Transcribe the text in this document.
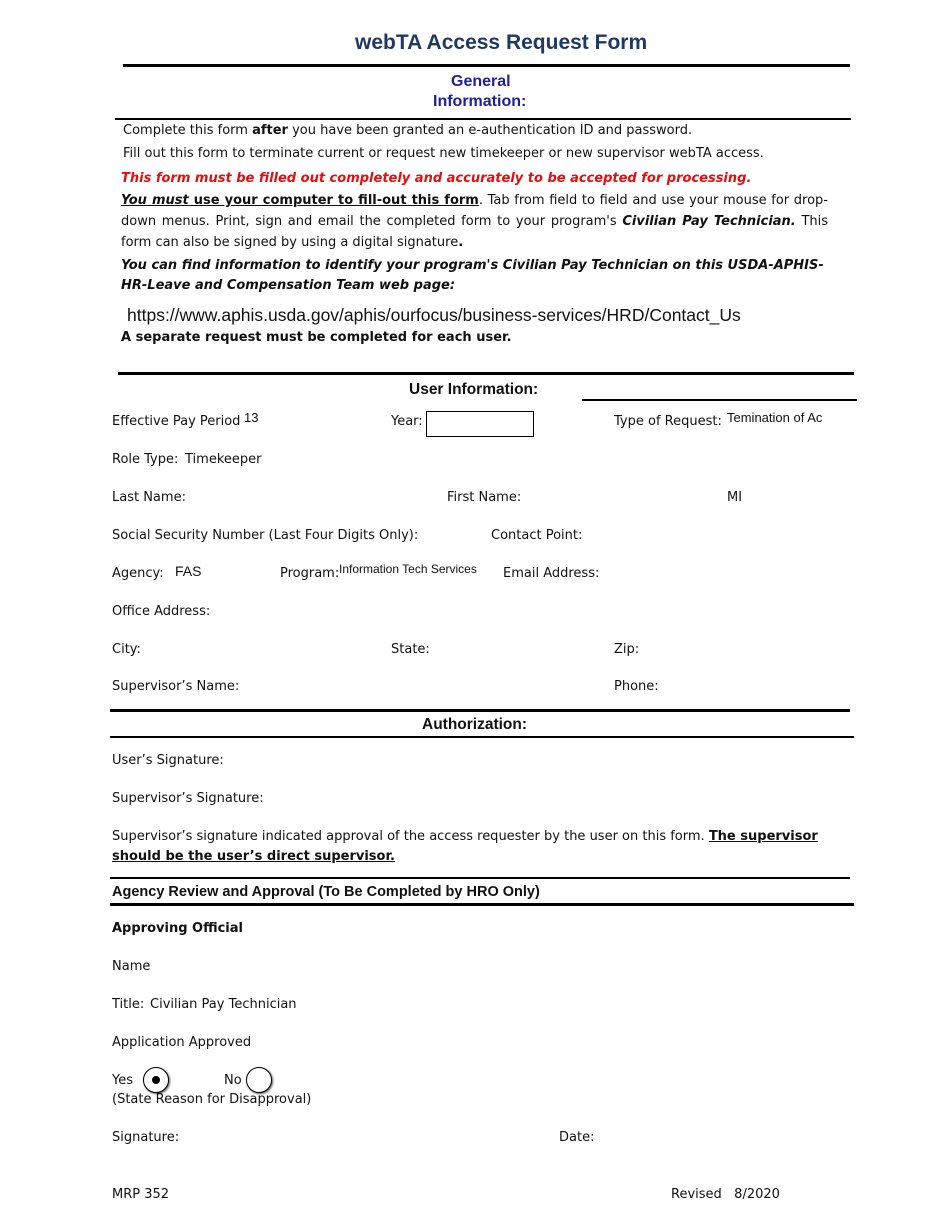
webTA Access Request Form
General
Information:
Complete this form after you have been granted an e-authentication ID and password.
Fill out this form to terminate current or request new timekeeper or new supervisor webTA access.
This form must be filled out completely and accurately to be accepted for processing.
You must use your computer to fill-out this form. Tab from field to field and use your mouse for drop-down menus. Print, sign and email the completed form to your program's Civilian Pay Technician. This form can also be signed by using a digital signature.
You can find information to identify your program's Civilian Pay Technician on this USDA-APHIS-HR-Leave and Compensation Team web page:
https://www.aphis.usda.gov/aphis/ourfocus/business-services/HRD/Contact_Us
A separate request must be completed for each user.
User Information:
Effective Pay Period 13	Year:	Type of Request: Temination of Ac
Role Type: Timekeeper
Last Name:	First Name:	MI
Social Security Number (Last Four Digits Only):	Contact Point:
Agency: FAS	Program: Information Tech Services Email Address:
Office Address:
City:	State:	Zip:
Supervisor’s Name:	Phone:
Authorization:
User’s Signature:
Supervisor’s Signature:
Supervisor’s signature indicated approval of the access requester by the user on this form. The supervisor should be the user’s direct supervisor.
Agency Review and Approval (To Be Completed by HRO Only)
Approving Official
Name
Title: Civilian Pay Technician
Application Approved
Yes	No
(State Reason for Disapproval)
Signature:	Date:
MRP 352	Revised   8/2020
